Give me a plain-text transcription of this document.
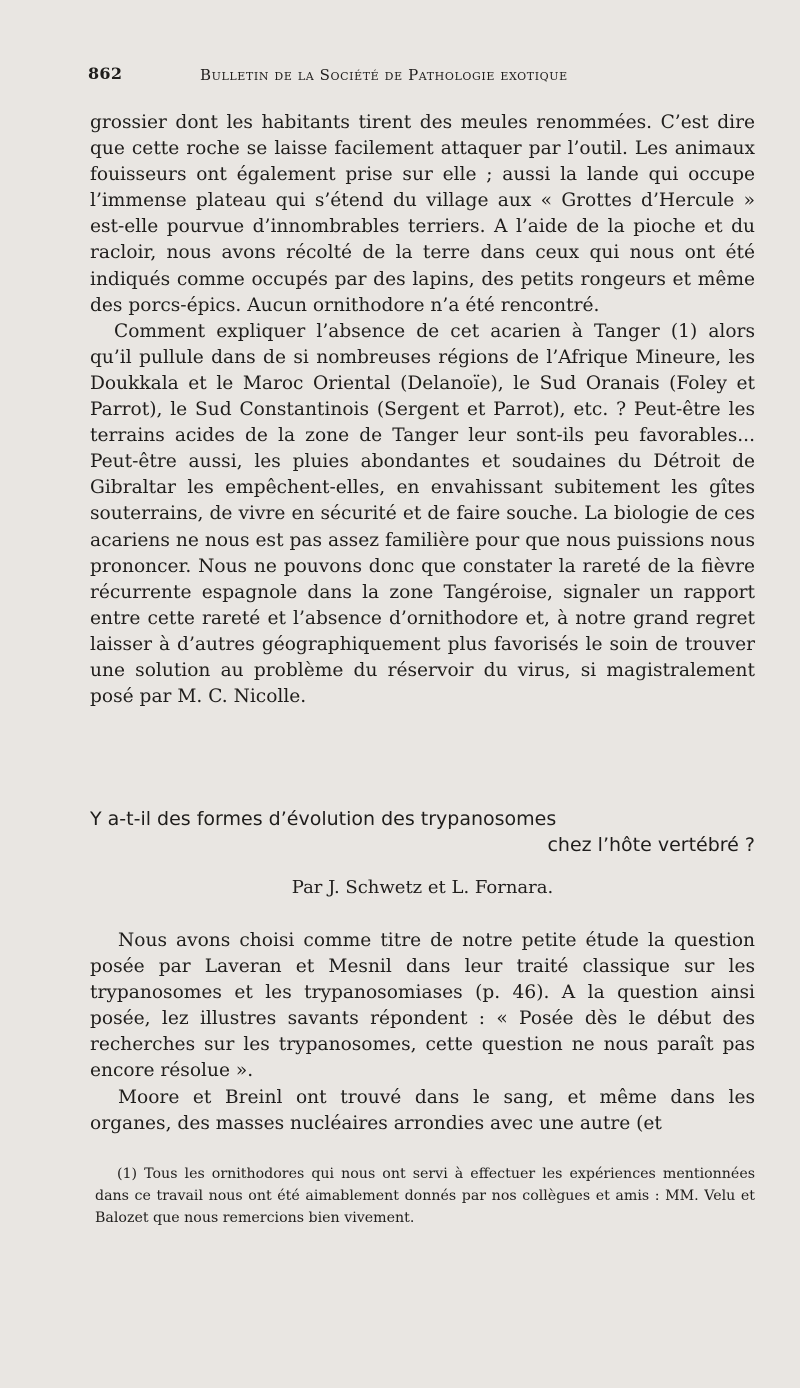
862	Bulletin de la Société de Pathologie exotique

grossier dont les habitants tirent des meules renommées. C’est dire que cette roche se laisse facilement attaquer par l’outil. Les animaux fouisseurs ont également prise sur elle ; aussi la lande qui occupe l’immense plateau qui s’étend du village aux « Grottes d’Hercule » est-elle pourvue d’innombrables terriers. A l’aide de la pioche et du racloir, nous avons récolté de la terre dans ceux qui nous ont été indiqués comme occupés par des lapins, des petits rongeurs et même des porcs-épics. Aucun ornithodore n’a été rencontré.

Comment expliquer l’absence de cet acarien à Tanger (1) alors qu’il pullule dans de si nombreuses régions de l’Afrique Mineure, les Doukkala et le Maroc Oriental (Delanoïe), le Sud Oranais (Foley et Parrot), le Sud Constantinois (Sergent et Parrot), etc. ? Peut-être les terrains acides de la zone de Tanger leur sont-ils peu favorables... Peut-être aussi, les pluies abondantes et soudaines du Détroit de Gibraltar les empêchent-elles, en envahissant subitement les gîtes souterrains, de vivre en sécurité et de faire souche. La biologie de ces acariens ne nous est pas assez familière pour que nous puissions nous prononcer. Nous ne pouvons donc que constater la rareté de la fièvre récurrente espagnole dans la zone Tangéroise, signaler un rapport entre cette rareté et l’absence d’ornithodore et, à notre grand regret laisser à d’autres géographiquement plus favorisés le soin de trouver une solution au problème du réservoir du virus, si magistralement posé par M. C. Nicolle.

Y a-t-il des formes d’évolution des trypanosomes
chez l’hôte vertébré ?
Par J. Schwetz et L. Fornara.

Nous avons choisi comme titre de notre petite étude la question posée par Laveran et Mesnil dans leur traité classique sur les trypanosomes et les trypanosomiases (p. 46). A la question ainsi posée, lez illustres savants répondent : « Posée dès le début des recherches sur les trypanosomes, cette question ne nous paraît pas encore résolue ».

Moore et Breinl ont trouvé dans le sang, et même dans les organes, des masses nucléaires arrondies avec une autre (et

(1) Tous les ornithodores qui nous ont servi à effectuer les expériences mentionnées dans ce travail nous ont été aimablement donnés par nos collègues et amis : MM. Velu et Balozet que nous remercions bien vivement.
